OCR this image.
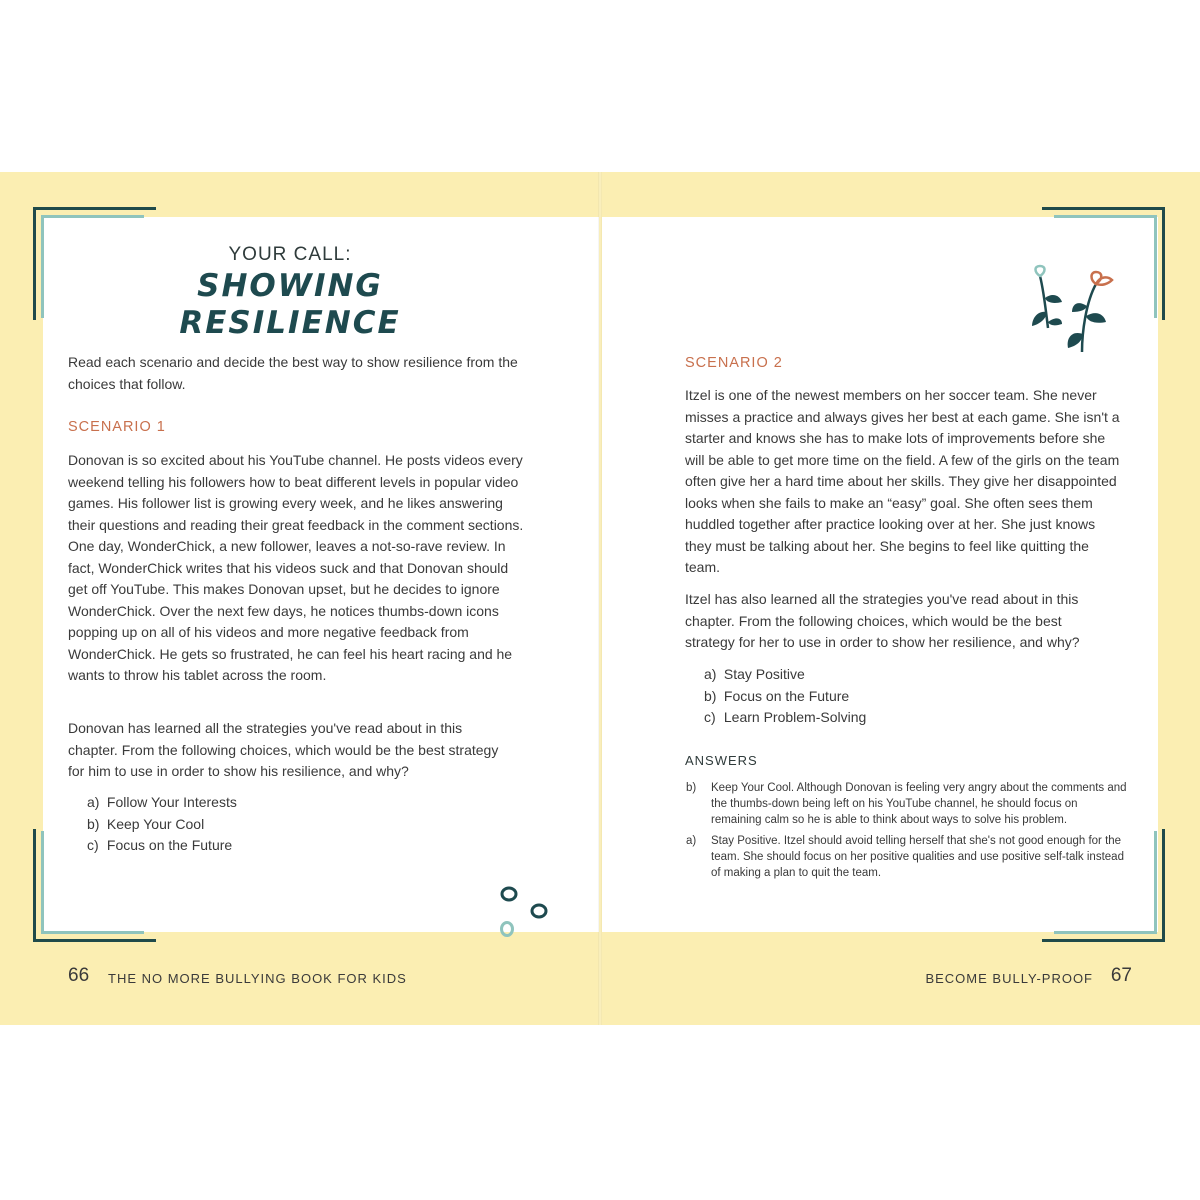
YOUR CALL:
SHOWING
RESILIENCE

Read each scenario and decide the best way to show resilience from the choices that follow.

SCENARIO 1

Donovan is so excited about his YouTube channel. He posts videos every weekend telling his followers how to beat different levels in popular video games. His follower list is growing every week, and he likes answering their questions and reading their great feedback in the comment sections. One day, WonderChick, a new follower, leaves a not-so-rave review. In fact, WonderChick writes that his videos suck and that Donovan should get off YouTube. This makes Donovan upset, but he decides to ignore WonderChick. Over the next few days, he notices thumbs-down icons popping up on all of his videos and more negative feedback from WonderChick. He gets so frustrated, he can feel his heart racing and he wants to throw his tablet across the room.

Donovan has learned all the strategies you've read about in this chapter. From the following choices, which would be the best strategy for him to use in order to show his resilience, and why?

a) Follow Your Interests
b) Keep Your Cool
c) Focus on the Future

SCENARIO 2

Itzel is one of the newest members on her soccer team. She never misses a practice and always gives her best at each game. She isn't a starter and knows she has to make lots of improvements before she will be able to get more time on the field. A few of the girls on the team often give her a hard time about her skills. They give her disappointed looks when she fails to make an “easy” goal. She often sees them huddled together after practice looking over at her. She just knows they must be talking about her. She begins to feel like quitting the team.

Itzel has also learned all the strategies you've read about in this chapter. From the following choices, which would be the best strategy for her to use in order to show her resilience, and why?

a) Stay Positive
b) Focus on the Future
c) Learn Problem-Solving

ANSWERS

b)	Keep Your Cool. Although Donovan is feeling very angry about the comments and the thumbs-down being left on his YouTube channel, he should focus on remaining calm so he is able to think about ways to solve his problem.
a)	Stay Positive. Itzel should avoid telling herself that she's not good enough for the team. She should focus on her positive qualities and use positive self-talk instead of making a plan to quit the team.
66 THE NO MORE BULLYING BOOK FOR KIDS	BECOME BULLY-PROOF 67
